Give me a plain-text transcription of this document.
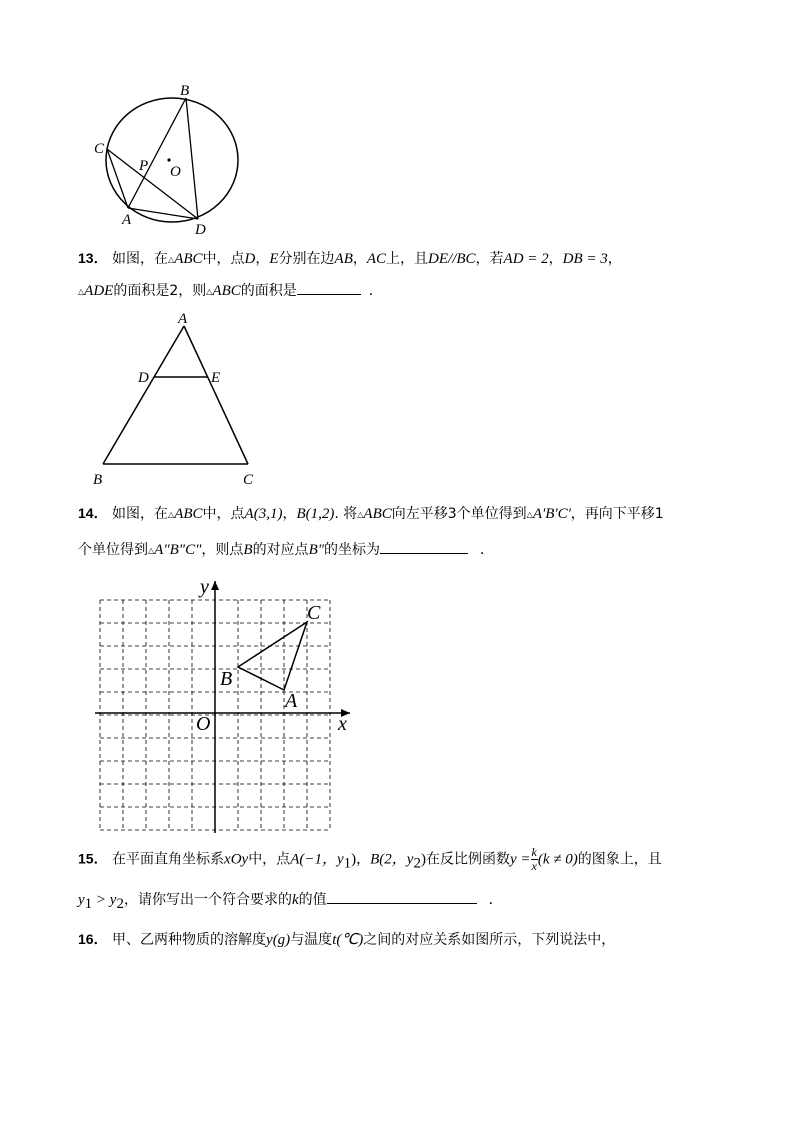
B
C
P O
A
D
13． 如图，在△ABC中，点D，E分别在边AB，AC上，且DE//BC，若AD = 2，DB = 3，
△ADE的面积是2，则△ABC的面积是	．
A
D	E
B	C
14． 如图，在△ABC中，点A(3,1)，B(1,2). 将△ABC向左平移3个单位得到△A'B'C'，再向下平移1
个单位得到△A"B"C"，则点B的对应点B"的坐标为	．
y
x
O
A
B
C
15． 在平面直角坐标系xOy中，点A(−1，$y_1$)，B(2，$y_2$)在反比例函数$y = \frac{k}{x} (k \ne 0)$的图象上，且
$y_1 > y_2$，请你写出一个符合要求的k的值	．
16． 甲、乙两种物质的溶解度y(g)与温度t(℃)之间的对应关系如图所示，下列说法中，
